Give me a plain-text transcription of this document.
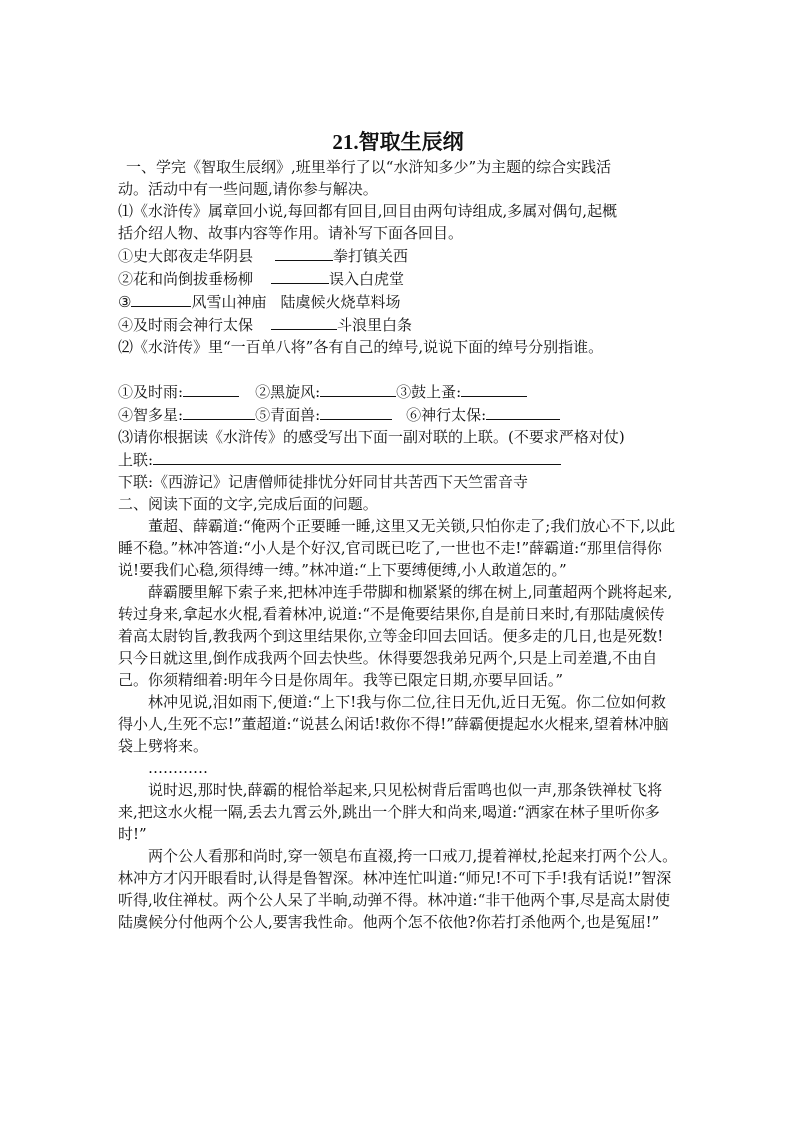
21.智取生辰纲

一、学完《智取生辰纲》,班里举行了以“水浒知多少”为主题的综合实践活

动。活动中有一些问题,请你参与解决。

⑴《水浒传》属章回小说,每回都有回目,回目由两句诗组成,多属对偶句,起概

括介绍人物、故事内容等作用。请补写下面各回目。

①史大郎夜走华阴县	拳打镇关西

②花和尚倒拔垂杨柳	误入白虎堂

③	风雪山神庙 陆虞候火烧草料场

④及时雨会神行太保	斗浪里白条

⑵《水浒传》里“一百单八将”各有自己的绰号,说说下面的绰号分别指谁。

①及时雨:	②黑旋风:	③鼓上蚤:

④智多星:	⑤青面兽:	⑥神行太保:

⑶请你根据读《水浒传》的感受写出下面一副对联的上联。(不要求严格对仗)

上联:

下联:《西游记》记唐僧师徒排忧分奸同甘共苦西下天竺雷音寺

二、阅读下面的文字,完成后面的问题。

董超、薛霸道:“俺两个正要睡一睡,这里又无关锁,只怕你走了;我们放心不下,以此睡不稳。”林冲答道:“小人是个好汉,官司既已吃了,一世也不走!”薛霸道:“那里信得你说!要我们心稳,须得缚一缚。”林冲道:“上下要缚便缚,小人敢道怎的。”

薛霸腰里解下索子来,把林冲连手带脚和枷紧紧的绑在树上,同董超两个跳将起来,转过身来,拿起水火棍,看着林冲,说道:“不是俺要结果你,自是前日来时,有那陆虞候传着高太尉钧旨,教我两个到这里结果你,立等金印回去回话。便多走的几日,也是死数!只今日就这里,倒作成我两个回去快些。休得要怨我弟兄两个,只是上司差遣,不由自己。你须精细着:明年今日是你周年。我等已限定日期,亦要早回话。”

林冲见说,泪如雨下,便道:“上下!我与你二位,往日无仇,近日无冤。你二位如何救得小人,生死不忘!”董超道:“说甚么闲话!救你不得!”薛霸便提起水火棍来,望着林冲脑袋上劈将来。

…………

说时迟,那时快,薛霸的棍恰举起来,只见松树背后雷鸣也似一声,那条铁禅杖飞将来,把这水火棍一隔,丢去九霄云外,跳出一个胖大和尚来,喝道:“洒家在林子里听你多时!”

两个公人看那和尚时,穿一领皂布直裰,挎一口戒刀,提着禅杖,抡起来打两个公人。林冲方才闪开眼看时,认得是鲁智深。林冲连忙叫道:“师兄!不可下手!我有话说!”智深听得,收住禅杖。两个公人呆了半晌,动弹不得。林冲道:“非干他两个事,尽是高太尉使陆虞候分付他两个公人,要害我性命。他两个怎不依他?你若打杀他两个,也是冤屈!”
